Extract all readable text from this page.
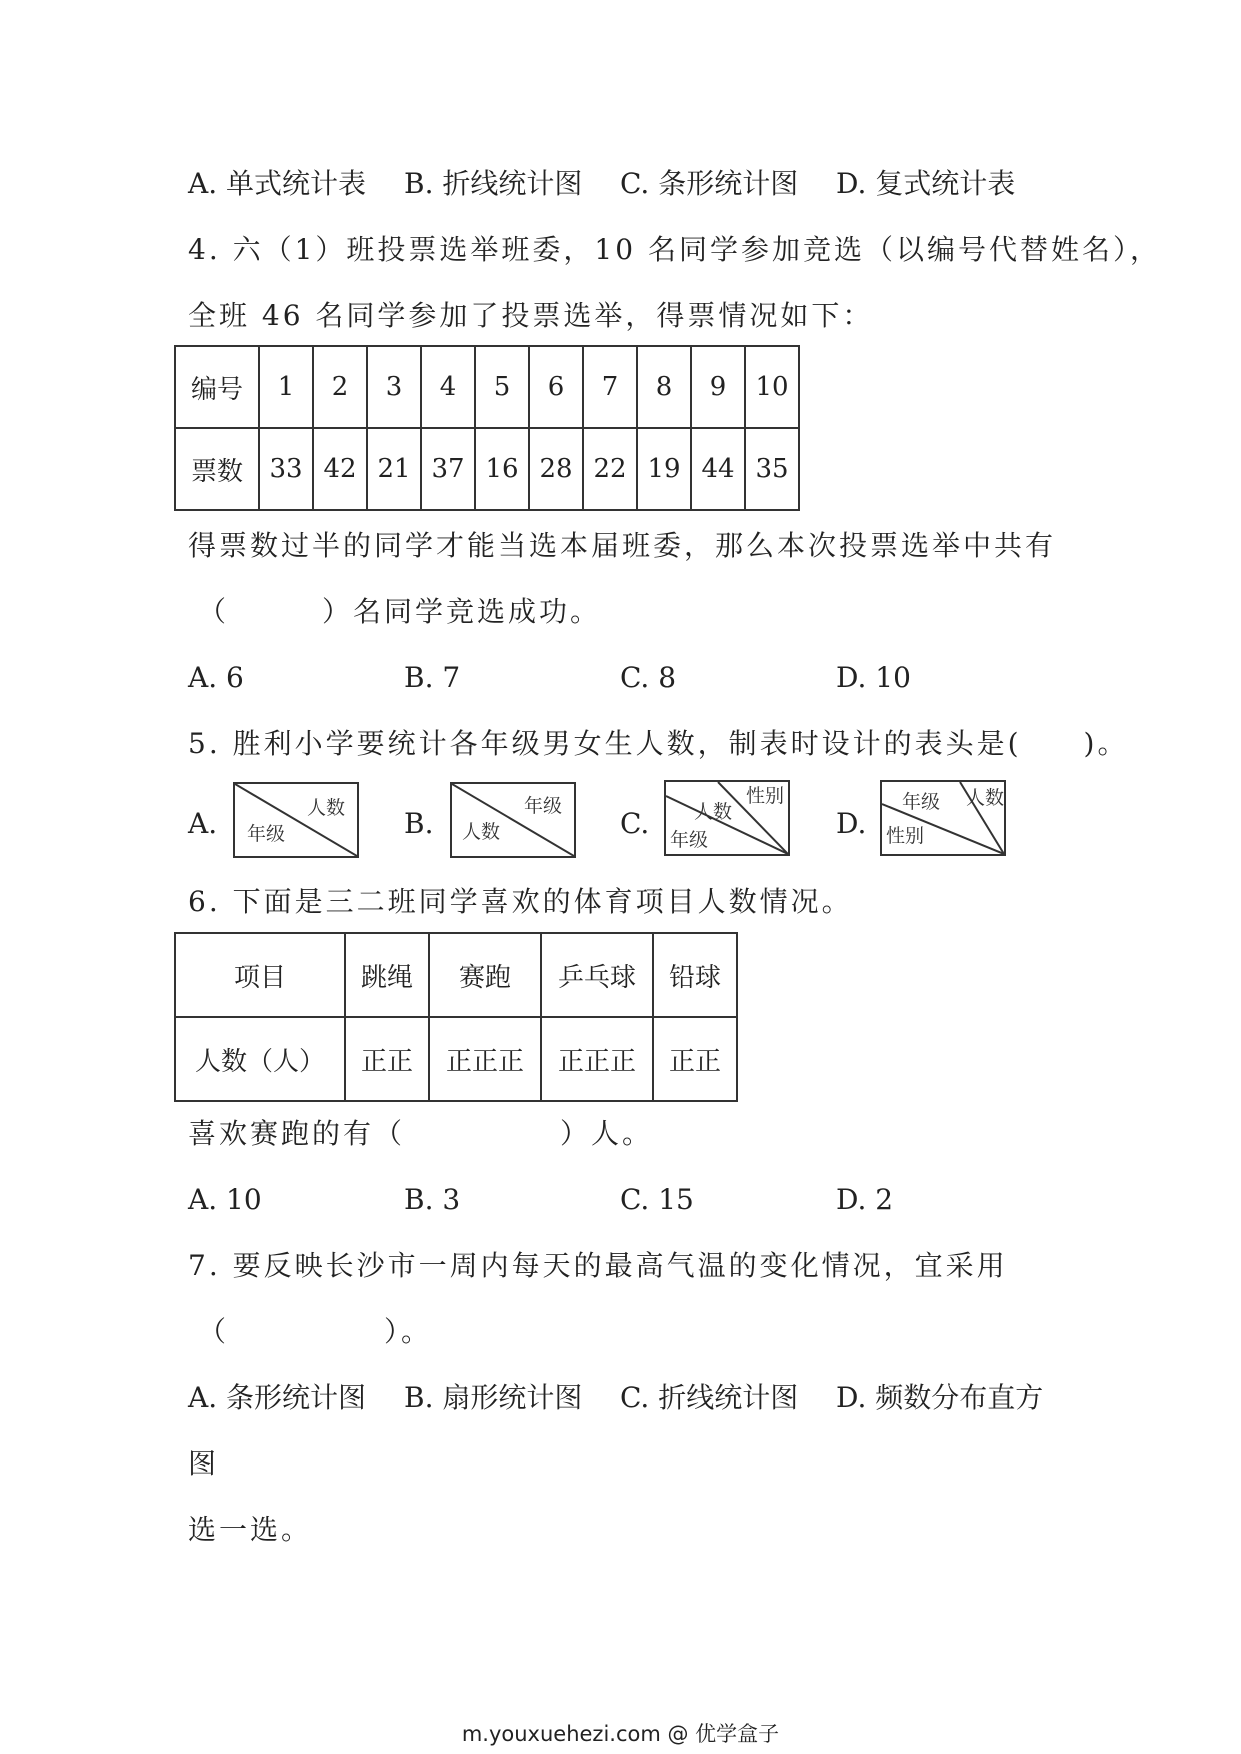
A. 单式统计表 B. 折线统计图 C. 条形统计图 D. 复式统计表
4. 六（1）班投票选举班委，10 名同学参加竞选（以编号代替姓名），
全班 46 名同学参加了投票选举，得票情况如下：
编号	1	2	3	4	5	6	7	8	9	10
票数	33	42	21	37	16	28	22	19	44	35
得票数过半的同学才能当选本届班委，那么本次投票选举中共有
（　　　）名同学竞选成功。
A. 6	B. 7	C. 8	D. 10
5. 胜利小学要统计各年级男女生人数，制表时设计的表头是(　　)。
A.	人数
年级	B.
年级
人数	C.
性别
人数
年级	D.
年级 人数
性别
6. 下面是三二班同学喜欢的体育项目人数情况。
项目	跳绳	赛跑	乒乓球	铅球
人数（人）	正正	正正正	正正正	正正
喜欢赛跑的有（　　　　　）人。
A. 10	B. 3	C. 15	D. 2
7. 要反映长沙市一周内每天的最高气温的变化情况，宜采用
（　　　　　）。
A. 条形统计图 B. 扇形统计图 C. 折线统计图 D. 频数分布直方
图
选一选。
m.youxuehezi.com @ 优学盒子
